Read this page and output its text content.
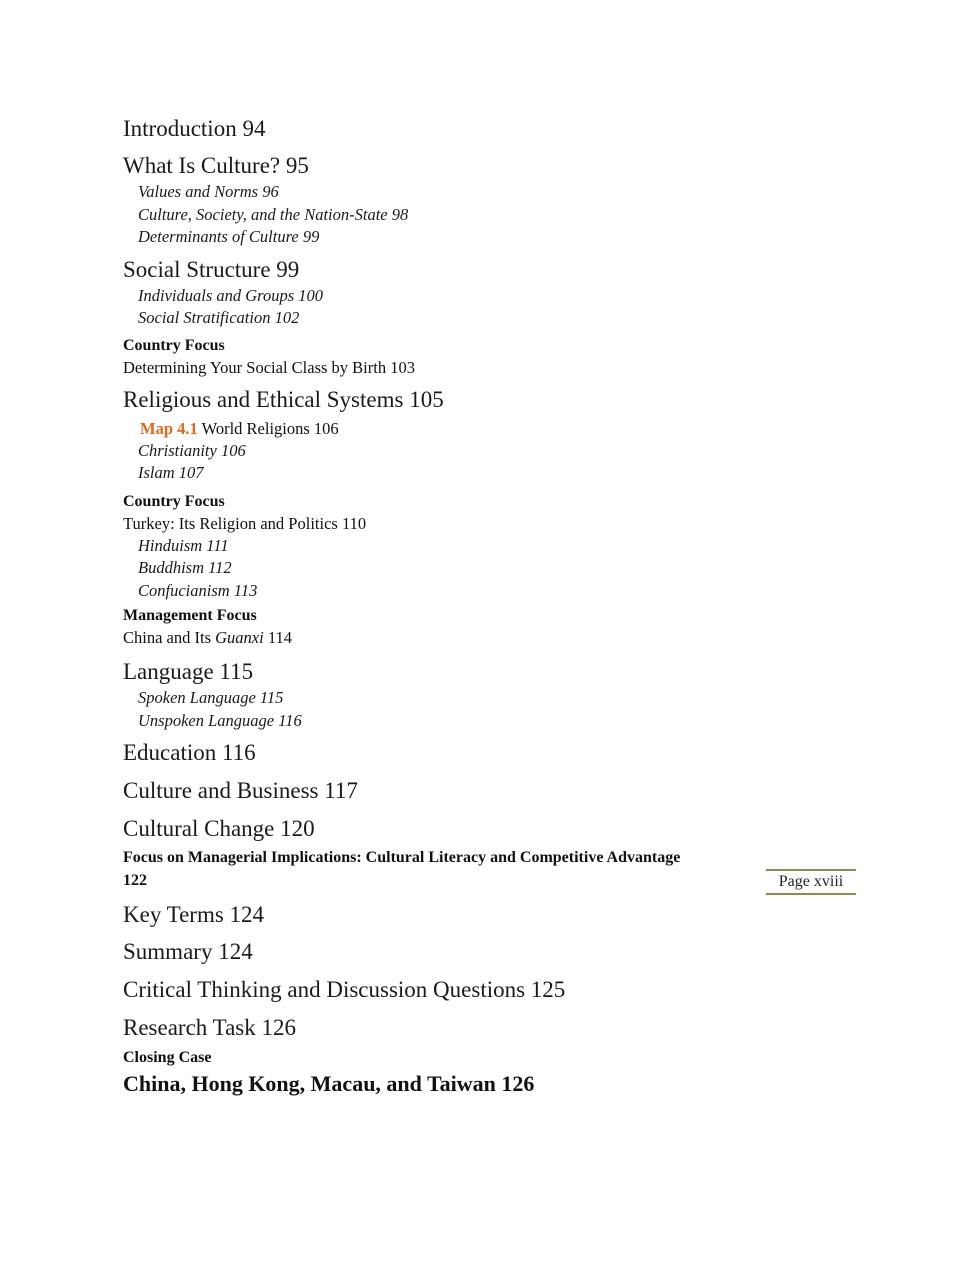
Introduction 94
What Is Culture? 95
Values and Norms 96
Culture, Society, and the Nation-State 98
Determinants of Culture 99
Social Structure 99
Individuals and Groups 100
Social Stratification 102
Country Focus
Determining Your Social Class by Birth 103
Religious and Ethical Systems 105
Map 4.1 World Religions 106
Christianity 106
Islam 107
Country Focus
Turkey: Its Religion and Politics 110
Hinduism 111
Buddhism 112
Confucianism 113
Management Focus
China and Its Guanxi 114
Language 115
Spoken Language 115
Unspoken Language 116
Education 116
Culture and Business 117
Cultural Change 120
Focus on Managerial Implications: Cultural Literacy and Competitive Advantage
122
Key Terms 124
Summary 124
Critical Thinking and Discussion Questions 125
Research Task 126
Closing Case
China, Hong Kong, Macau, and Taiwan 126
Page xviii
